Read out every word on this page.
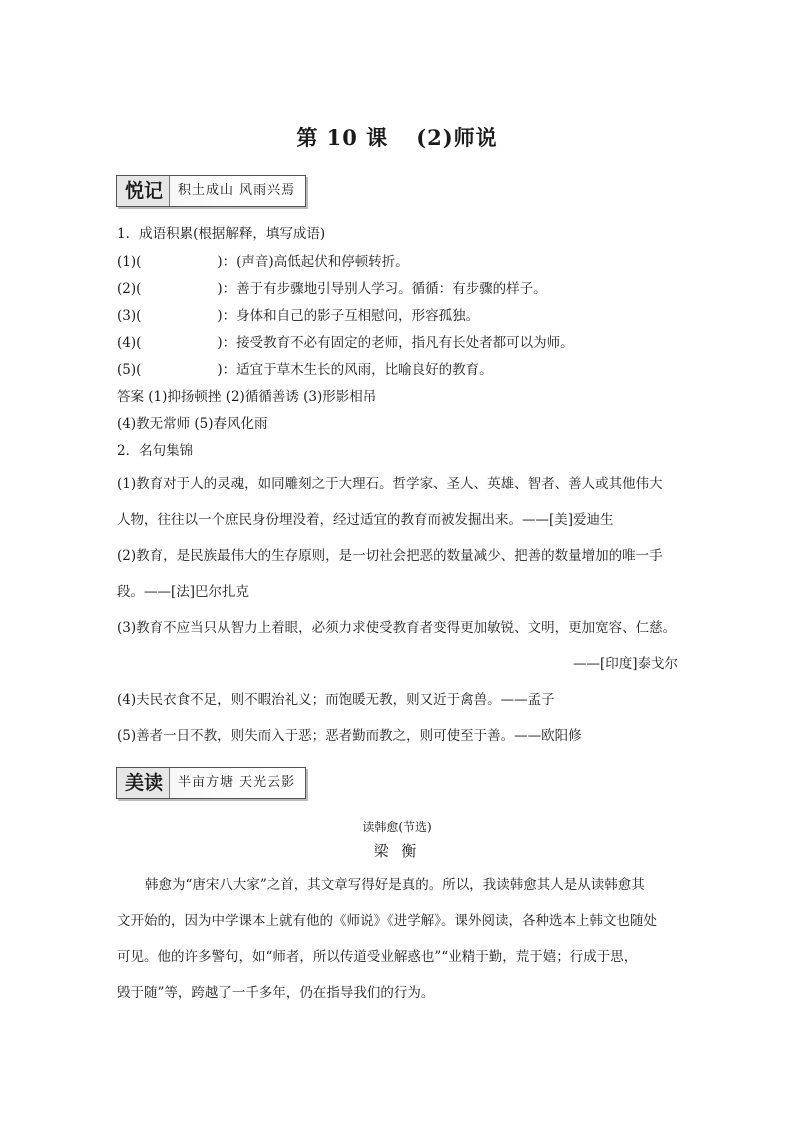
第 10 课 (2)师说
悦记	积土成山 风雨兴焉
1．成语积累(根据解释，填写成语)
(1)(	)：(声音)高低起伏和停顿转折。
(2)(	)：善于有步骤地引导别人学习。循循：有步骤的样子。
(3)(	)：身体和自己的影子互相慰问，形容孤独。
(4)(	)：接受教育不必有固定的老师，指凡有长处者都可以为师。
(5)(	)：适宜于草木生长的风雨，比喻良好的教育。
答案 (1)抑扬顿挫 (2)循循善诱 (3)形影相吊
(4)教无常师 (5)春风化雨
2．名句集锦
(1)教育对于人的灵魂，如同雕刻之于大理石。哲学家、圣人、英雄、智者、善人或其他伟大
人物，往往以一个庶民身份埋没着，经过适宜的教育而被发掘出来。——[美]爱迪生
(2)教育，是民族最伟大的生存原则，是一切社会把恶的数量减少、把善的数量增加的唯一手
段。——[法]巴尔扎克
(3)教育不应当只从智力上着眼，必须力求使受教育者变得更加敏锐、文明，更加宽容、仁慈。
——[印度]泰戈尔
(4)夫民衣食不足，则不暇治礼义；而饱暖无教，则又近于禽兽。——孟子
(5)善者一日不教，则失而入于恶；恶者勤而教之，则可使至于善。——欧阳修
美读	半亩方塘 天光云影
读韩愈(节选)
梁 衡
韩愈为“唐宋八大家”之首，其文章写得好是真的。所以，我读韩愈其人是从读韩愈其
文开始的，因为中学课本上就有他的《师说》《进学解》。课外阅读，各种选本上韩文也随处
可见。他的许多警句，如“师者，所以传道受业解惑也”“业精于勤，荒于嬉；行成于思，
毁于随”等，跨越了一千多年，仍在指导我们的行为。
